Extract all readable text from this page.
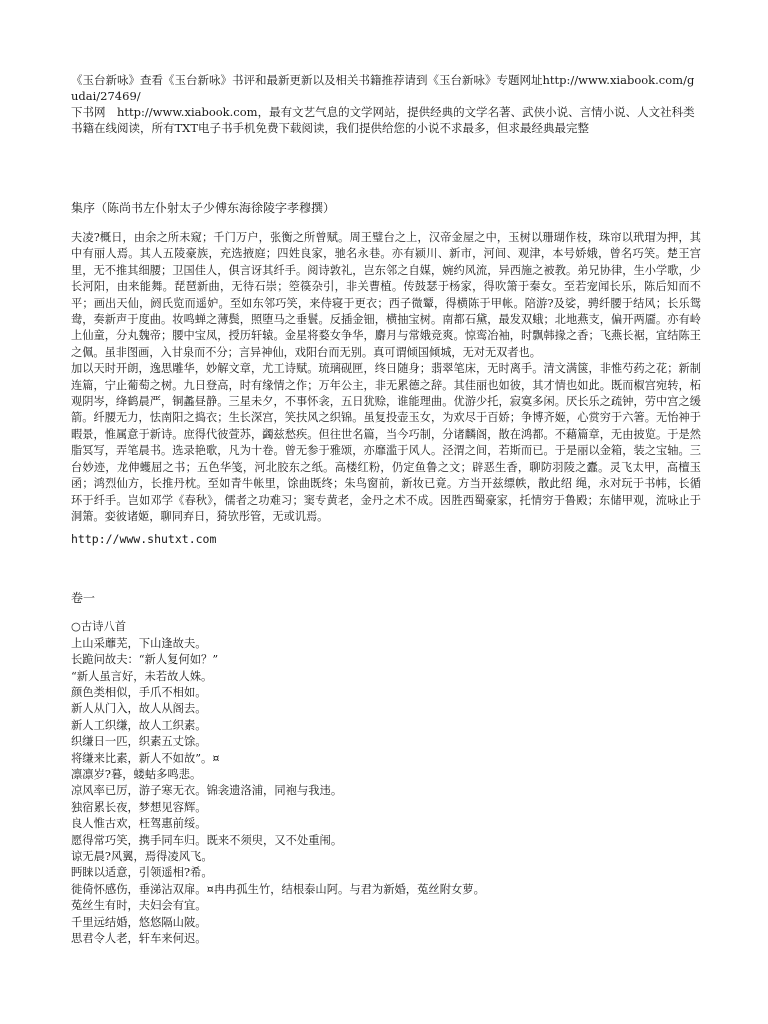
《玉台新咏》查看《玉台新咏》书评和最新更新以及相关书籍推荐请到《玉台新咏》专题网址http://www.xiabook.com/gudai/27469/

下书网　http://www.xiabook.com，最有文艺气息的文学网站，提供经典的文学名著、武侠小说、言情小说、人文社科类书籍在线阅读，所有TXT电子书手机免费下载阅读，我们提供给您的小说不求最多，但求最经典最完整

集序（陈尚书左仆射太子少傅东海徐陵字孝穆撰）

夫凌?概日，由余之所未窥；千门万户，张衡之所曾赋。周王璧台之上，汉帝金屋之中，玉树以珊瑚作枝，珠帘以玳瑁为押，其中有丽人焉。其人五陵豪族，充选掖庭；四姓良家，驰名永巷。亦有颍川、新市，河间、观津，本号娇娥，曾名巧笑。楚王宫里，无不推其细腰；卫国佳人，俱言讶其纤手。阅诗敦礼，岂东邻之自媒，婉约风流，异西施之被教。弟兄协律，生小学歌，少长河阳，由来能舞。琵琶新曲，无待石崇；箜篌杂引，非关曹植。传鼓瑟于杨家，得吹箫于秦女。至若宠闻长乐，陈后知而不平；画出天仙，阏氏览而遥妒。至如东邻巧笑，来侍寝于更衣；西子微颦，得横陈于甲帐。陪游?及娑，骋纤腰于结风；长乐鸳鸯，奏新声于度曲。妆鸣蝉之薄鬓，照堕马之垂鬟。反插金钿，横抽宝树。南都石黛，最发双蛾；北地燕支，偏开两靥。亦有岭上仙童，分丸魏帝；腰中宝凤，授历轩辕。金星将婺女争华，麝月与常娥竞爽。惊鸾冶袖，时飘韩掾之香；飞燕长裾，宜结陈王之佩。虽非图画，入甘泉而不分；言异神仙，戏阳台而无别。真可谓倾国倾城，无对无双者也。

加以天时开朗，逸思雕华，妙解文章，尤工诗赋。琉璃砚匣，终日随身；翡翠笔床，无时离手。清文满箧，非惟芍药之花；新制连篇，宁止葡萄之树。九日登高，时有缘情之作；万年公主，非无累德之辞。其佳丽也如彼，其才情也如此。既而椒宫宛转，柘观阴岑，绛鹤晨严，铜蠡昼静。三星未夕，不事怀衾，五日犹赊，谁能理曲。优游少托，寂寞多闲。厌长乐之疏钟，劳中宫之缓箭。纤腰无力，怯南阳之捣衣；生长深宫，笑扶风之织锦。虽复投壶玉女，为欢尽于百娇；争博齐姬，心赏穷于六箸。无怡神于暇景，惟属意于新诗。庶得代彼萱苏，蠲兹愁疾。但往世名篇，当今巧制，分诸麟阁，散在鸿都。不藉篇章，无由披览。于是然脂冥写，弄笔晨书。选录艳歌，凡为十卷。曾无参于雅颂，亦靡滥于风人。泾渭之间，若斯而已。于是丽以金箱，装之宝轴。三台妙迹，龙伸蠖屈之书；五色华笺，河北胶东之纸。高楼红粉，仍定鱼鲁之文；辟恶生香，聊防羽陵之蠹。灵飞太甲，高檀玉函；鸿烈仙方，长推丹枕。至如青牛帐里，馀曲既终；朱鸟窗前，新妆已竟。方当开兹缥帙，散此绍 绳，永对玩于书帏，长循环于纤手。岂如邓学《春秋》，儒者之功难习；窦专黄老，金丹之术不成。因胜西蜀豪家，托情穷于鲁殿；东储甲观，流咏止于洞箫。娈彼诸姬，聊同弃日，猗欤彤管，无或讥焉。

http://www.shutxt.com

卷一

○古诗八首

上山采蘼芜，下山逢故夫。

长跪问故夫：“新人复何如？”

“新人虽言好，未若故人姝。

颜色类相似，手爪不相如。

新人从门入，故人从阁去。

新人工织缣，故人工织素。

织缣日一匹，织素五丈馀。

将缣来比素，新人不如故”。¤

凛凛岁?暮，蝼蛄多鸣悲。

凉风率已厉，游子寒无衣。锦衾遗洛浦，同袍与我违。

独宿累长夜，梦想见容辉。

良人惟古欢，枉驾惠前绥。

愿得常巧笑，携手同车归。既来不须臾，又不处重闱。

谅无晨?风翼，焉得凌风飞。

眄睐以适意，引领遥相?希。

徙倚怀感伤，垂涕沾双扉。¤冉冉孤生竹，结根泰山阿。与君为新婚，菟丝附女萝。

菟丝生有时，夫妇会有宜。

千里远结婚，悠悠隔山陂。

思君令人老，轩车来何迟。
